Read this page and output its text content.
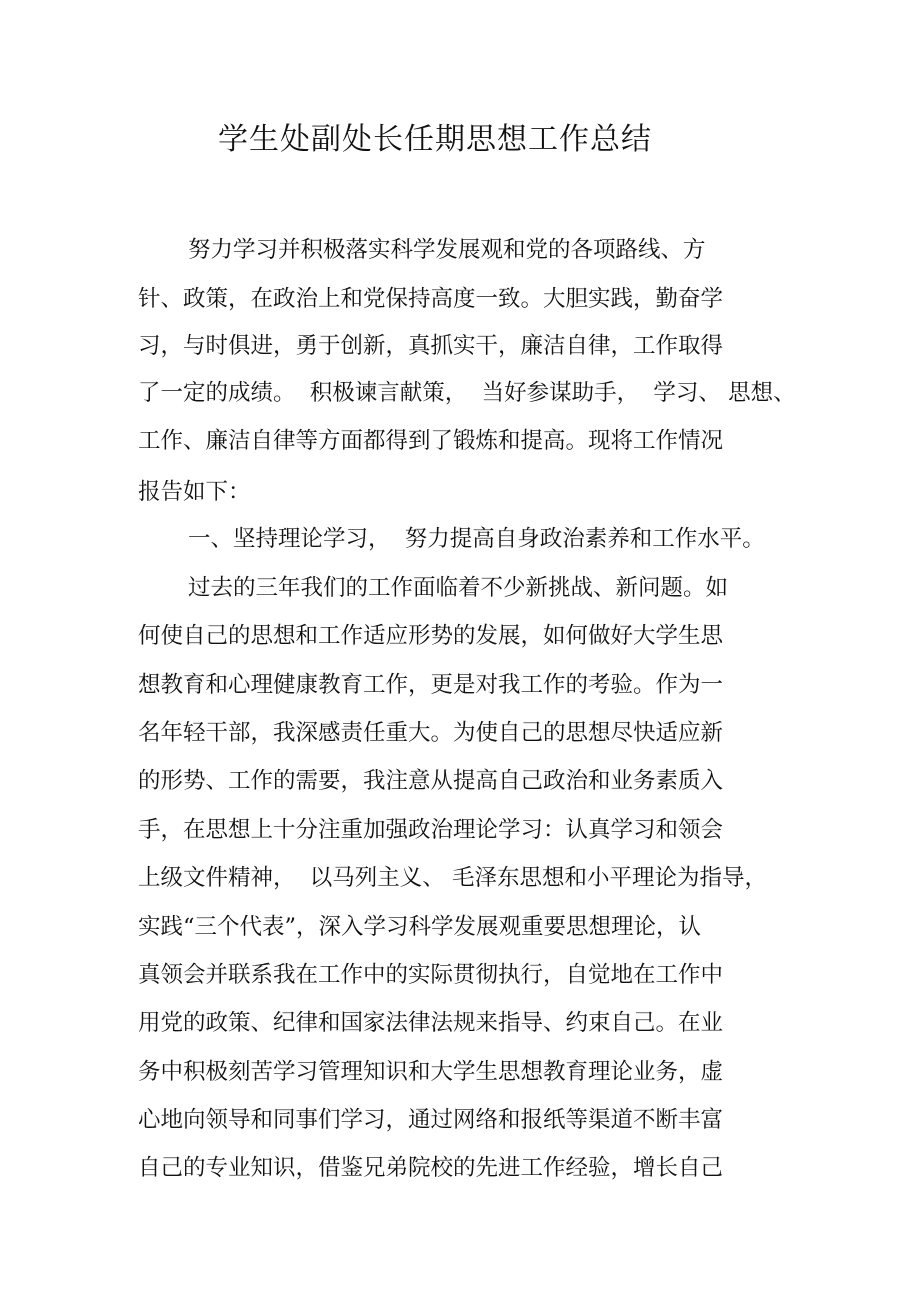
学生处副处长任期思想工作总结
努力学习并积极落实科学发展观和党的各项路线、方
针、政策，在政治上和党保持高度一致。大胆实践，勤奋学
习，与时俱进，勇于创新，真抓实干，廉洁自律，工作取得
了一定的成绩。  积极谏言献策，  当好参谋助手，  学习、 思想、
工作、廉洁自律等方面都得到了锻炼和提高。现将工作情况
报告如下：
一、坚持理论学习，  努力提高自身政治素养和工作水平。
过去的三年我们的工作面临着不少新挑战、新问题。如
何使自己的思想和工作适应形势的发展，如何做好大学生思
想教育和心理健康教育工作，更是对我工作的考验。作为一
名年轻干部，我深感责任重大。为使自己的思想尽快适应新
的形势、工作的需要，我注意从提高自己政治和业务素质入
手，在思想上十分注重加强政治理论学习：认真学习和领会
上级文件精神，  以马列主义、 毛泽东思想和小平理论为指导，
实践“三个代表”，深入学习科学发展观重要思想理论，认
真领会并联系我在工作中的实际贯彻执行，自觉地在工作中
用党的政策、纪律和国家法律法规来指导、约束自己。在业
务中积极刻苦学习管理知识和大学生思想教育理论业务，虚
心地向领导和同事们学习，通过网络和报纸等渠道不断丰富
自己的专业知识，借鉴兄弟院校的先进工作经验，增长自己
